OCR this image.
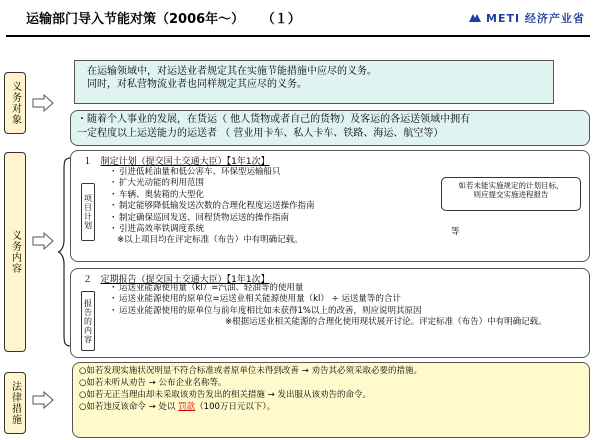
运输部门导入节能对策（2006年～） （１）	METI 经济产业省
义务对象
义务内容
法律措施

在运输领域中，对运送业者规定其在实施节能措施中应尽的义务。

同时，对私营物流业者也同样规定其应尽的义务。

・随着个人事业的发展，在货运（ 他人货物或者自己的货物）及客运的各运送领域中拥有

一定程度以上运送能力的运送者 （ 营业用卡车、私人卡车、铁路、海运、航空等）

１ 制定计划（提交国土交通大臣）【1年1次】
项目计划
・引进低耗油量和低公害车、环保型运输船只
・扩大光动能的利用范围
・车辆、奥装箱的大型化
・制定能够降低输发送次数的合理化程度运送操作指南
・制定确保巡回发送、回程货物运送的操作指南
・引进高效率铁调度系统
※以上项目均在评定标准（布告）中有明确记载。

如若未能实施规定的计划目标，

则应提交实施进程报告

等
２ 定期报告（提交国土交通大臣）【1年1次】
报告的内容
・运送业能源使用量（kl）=汽油、轻油等的使用量
・运送业能源使用的原单位=运送业相关能源使用量（kl） ÷ 运送量等的合计
・运送业能源使用的原单位与前年度相比如未获得1%以上的改善，则应说明其原因
※根据运送业相关能源的合理化使用现状展开讨论。评定标准（布告）中有明确记载。

○如若发现实施状况明显不符合标准或者原单位未得到改善 → 劝告其必须采取必要的措施。

○如若未听从劝告 → 公布企业名称等。

○如若无正当理由却未采取该劝告发出的相关措施 → 发出服从该劝告的命令。

○如若违反该命令 → 处以 罚款（100万日元以下）。
